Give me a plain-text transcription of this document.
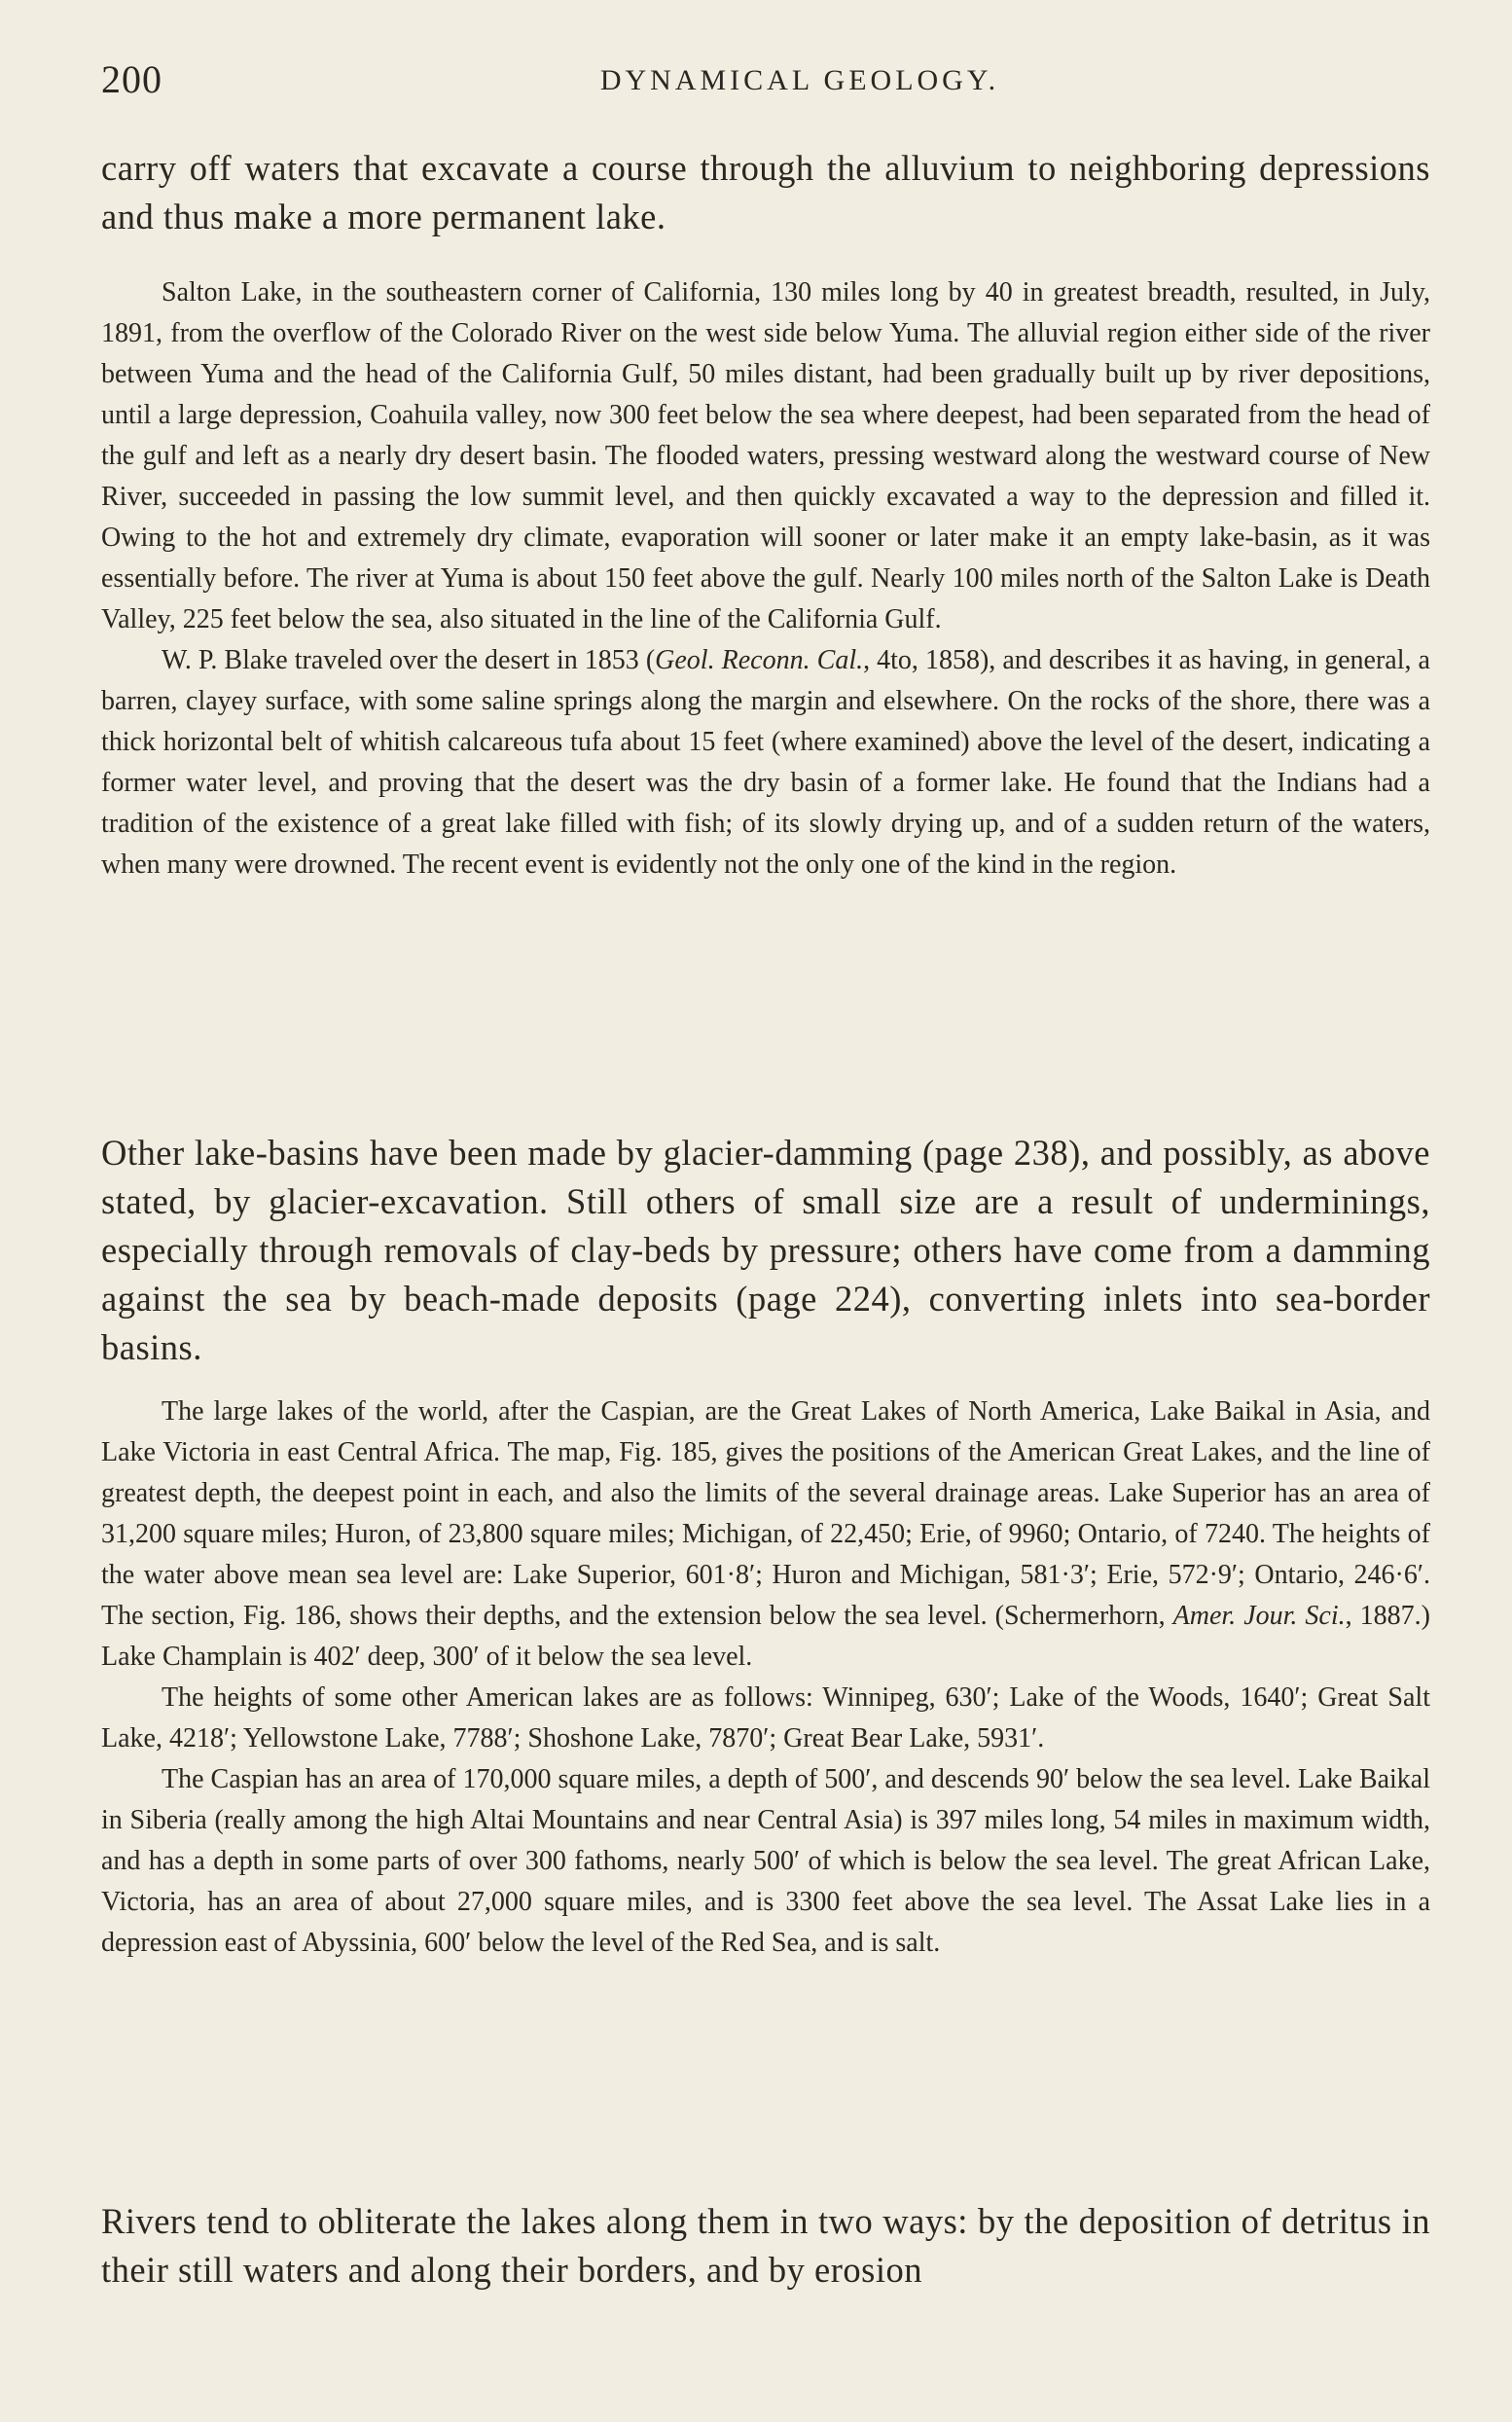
200	DYNAMICAL GEOLOGY.

carry off waters that excavate a course through the alluvium to neighboring depressions and thus make a more permanent lake.

Salton Lake, in the southeastern corner of California, 130 miles long by 40 in greatest breadth, resulted, in July, 1891, from the overflow of the Colorado River on the west side below Yuma. The alluvial region either side of the river between Yuma and the head of the California Gulf, 50 miles distant, had been gradually built up by river depositions, until a large depression, Coahuila valley, now 300 feet below the sea where deepest, had been separated from the head of the gulf and left as a nearly dry desert basin. The flooded waters, pressing westward along the westward course of New River, succeeded in passing the low summit level, and then quickly excavated a way to the depression and filled it. Owing to the hot and extremely dry climate, evaporation will sooner or later make it an empty lake-basin, as it was essentially before. The river at Yuma is about 150 feet above the gulf. Nearly 100 miles north of the Salton Lake is Death Valley, 225 feet below the sea, also situated in the line of the California Gulf.

W. P. Blake traveled over the desert in 1853 (Geol. Reconn. Cal., 4to, 1858), and describes it as having, in general, a barren, clayey surface, with some saline springs along the margin and elsewhere. On the rocks of the shore, there was a thick horizontal belt of whitish calcareous tufa about 15 feet (where examined) above the level of the desert, indicating a former water level, and proving that the desert was the dry basin of a former lake. He found that the Indians had a tradition of the existence of a great lake filled with fish; of its slowly drying up, and of a sudden return of the waters, when many were drowned. The recent event is evidently not the only one of the kind in the region.

Other lake-basins have been made by glacier-damming (page 238), and possibly, as above stated, by glacier-excavation. Still others of small size are a result of underminings, especially through removals of clay-beds by pressure; others have come from a damming against the sea by beach-made deposits (page 224), converting inlets into sea-border basins.

The large lakes of the world, after the Caspian, are the Great Lakes of North America, Lake Baikal in Asia, and Lake Victoria in east Central Africa. The map, Fig. 185, gives the positions of the American Great Lakes, and the line of greatest depth, the deepest point in each, and also the limits of the several drainage areas. Lake Superior has an area of 31,200 square miles; Huron, of 23,800 square miles; Michigan, of 22,450; Erie, of 9960; Ontario, of 7240. The heights of the water above mean sea level are: Lake Superior, 601·8′; Huron and Michigan, 581·3′; Erie, 572·9′; Ontario, 246·6′. The section, Fig. 186, shows their depths, and the extension below the sea level. (Schermerhorn, Amer. Jour. Sci., 1887.) Lake Champlain is 402′ deep, 300′ of it below the sea level.

The heights of some other American lakes are as follows: Winnipeg, 630′; Lake of the Woods, 1640′; Great Salt Lake, 4218′; Yellowstone Lake, 7788′; Shoshone Lake, 7870′; Great Bear Lake, 5931′.

The Caspian has an area of 170,000 square miles, a depth of 500′, and descends 90′ below the sea level. Lake Baikal in Siberia (really among the high Altai Mountains and near Central Asia) is 397 miles long, 54 miles in maximum width, and has a depth in some parts of over 300 fathoms, nearly 500′ of which is below the sea level. The great African Lake, Victoria, has an area of about 27,000 square miles, and is 3300 feet above the sea level. The Assat Lake lies in a depression east of Abyssinia, 600′ below the level of the Red Sea, and is salt.

Rivers tend to obliterate the lakes along them in two ways: by the deposition of detritus in their still waters and along their borders, and by erosion
